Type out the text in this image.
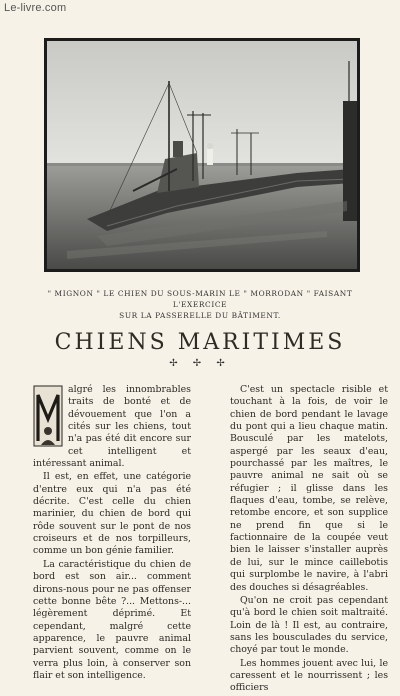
Le-livre.com
" MIGNON " LE CHIEN DU SOUS-MARIN LE " MORRODAN " FAISANT L'EXERCICE
SUR LA PASSERELLE DU BÂTIMENT.
CHIENS MARITIMES
✢ ✢ ✢

algré les innombrables traits de bonté et de dévouement que l'on a cités sur les chiens, tout n'a pas été dit encore sur cet intelligent et intéressant animal.

Il est, en effet, une catégorie d'entre eux qui n'a pas été décrite. C'est celle du chien marinier, du chien de bord qui rôde souvent sur le pont de nos croiseurs et de nos torpilleurs, comme un bon génie familier.

La caractéristique du chien de bord est son air... comment dirons-nous pour ne pas offenser cette bonne bête ?... Mettons-... légèrement déprimé. Et cependant, malgré cette apparence, le pauvre animal parvient souvent, comme on le verra plus loin, à conserver son flair et son intelligence.

C'est un spectacle risible et touchant à la fois, de voir le chien de bord pendant le lavage du pont qui a lieu chaque matin. Bousculé par les matelots, aspergé par les seaux d'eau, pourchassé par les maîtres, le pauvre animal ne sait où se réfugier ; il glisse dans les flaques d'eau, tombe, se relève, retombe encore, et son supplice ne prend fin que si le factionnaire de la coupée veut bien le laisser s'installer auprès de lui, sur le mince caillebotis qui surplombe le navire, à l'abri des douches si désagréables.

Qu'on ne croit pas cependant qu'à bord le chien soit maltraité. Loin de là ! Il est, au contraire, sans les bousculades du service, choyé par tout le monde.

Les hommes jouent avec lui, le caressent et le nourrissent ; les officiers
